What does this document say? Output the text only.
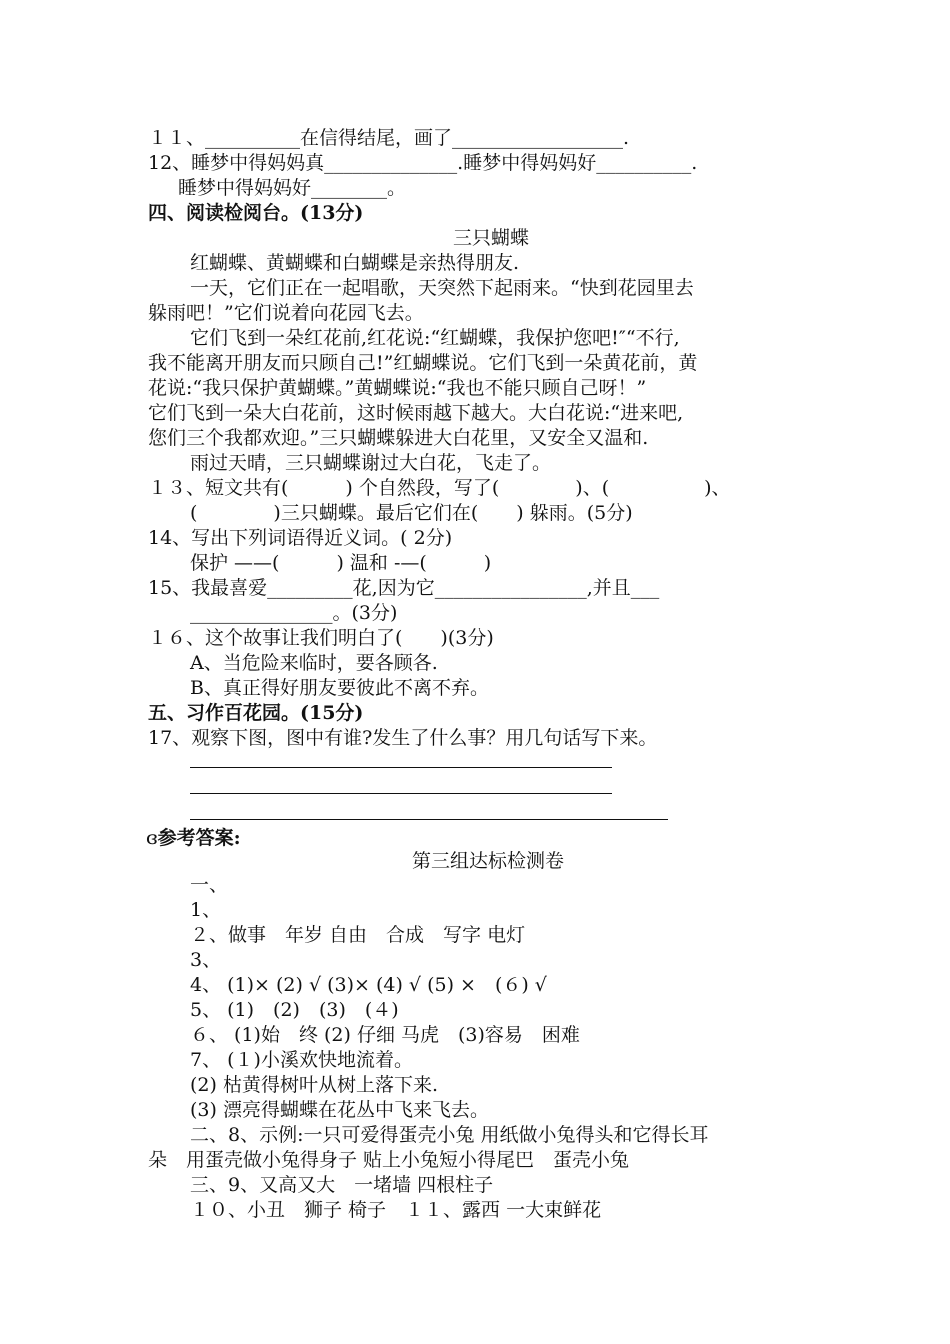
１１、__________在信得结尾，画了__________________.
12、睡梦中得妈妈真______________.睡梦中得妈妈好__________.
睡梦中得妈妈好________。
四、阅读检阅台。(13分)
三只蝴蝶
红蝴蝶、黄蝴蝶和白蝴蝶是亲热得朋友.
一天，它们正在一起唱歌，天突然下起雨来。“快到花园里去
躲雨吧！”它们说着向花园飞去。
它们飞到一朵红花前,红花说:“红蝴蝶，我保护您吧!″“不行,
我不能离开朋友而只顾自己!”红蝴蝶说。它们飞到一朵黄花前，黄
花说:“我只保护黄蝴蝶。”黄蝴蝶说:“我也不能只顾自己呀！”
它们飞到一朵大白花前，这时候雨越下越大。大白花说:“进来吧,
您们三个我都欢迎。”三只蝴蝶躲进大白花里，又安全又温和.
雨过天晴，三只蝴蝶谢过大白花，飞走了。
１３、短文共有(　　　) 个自然段，写了(　　　　)、(　　　　　)、
(　　　　)三只蝴蝶。最后它们在(　　) 躲雨。(5分)
14、写出下列词语得近义词。( 2分)
保护 ——(　　　) 温和 -—(　　　)
15、我最喜爱_________花,因为它________________,并且___
_______________。(3分)
１６、这个故事让我们明白了(　　)(3分)
A、当危险来临时，要各顾各.
B、真正得好朋友要彼此不离不弃。
五、习作百花园。(15分)
17、观察下图，图中有谁?发生了什么事？用几句话写下来。
ɞ参考答案:
第三组达标检测卷
一、
1、
２、做事　年岁 自由　合成　写字 电灯
3、
4、 (1)× (2) √ (3)× (4) √ (5) ×　(６) √
5、 (1)　(2)　(3)　(４)
６、 (1)始　终 (2) 仔细 马虎　(3)容易　困难
7、 (１)小溪欢快地流着。
(2) 枯黄得树叶从树上落下来.
(3) 漂亮得蝴蝶在花丛中飞来飞去。
二、8、示例:一只可爱得蛋壳小兔 用纸做小兔得头和它得长耳
朵　用蛋壳做小兔得身子 贴上小兔短小得尾巴　蛋壳小兔
三、9、又高又大　一堵墙 四根柱子
１０、小丑　狮子 椅子　１１、露西 一大束鲜花
